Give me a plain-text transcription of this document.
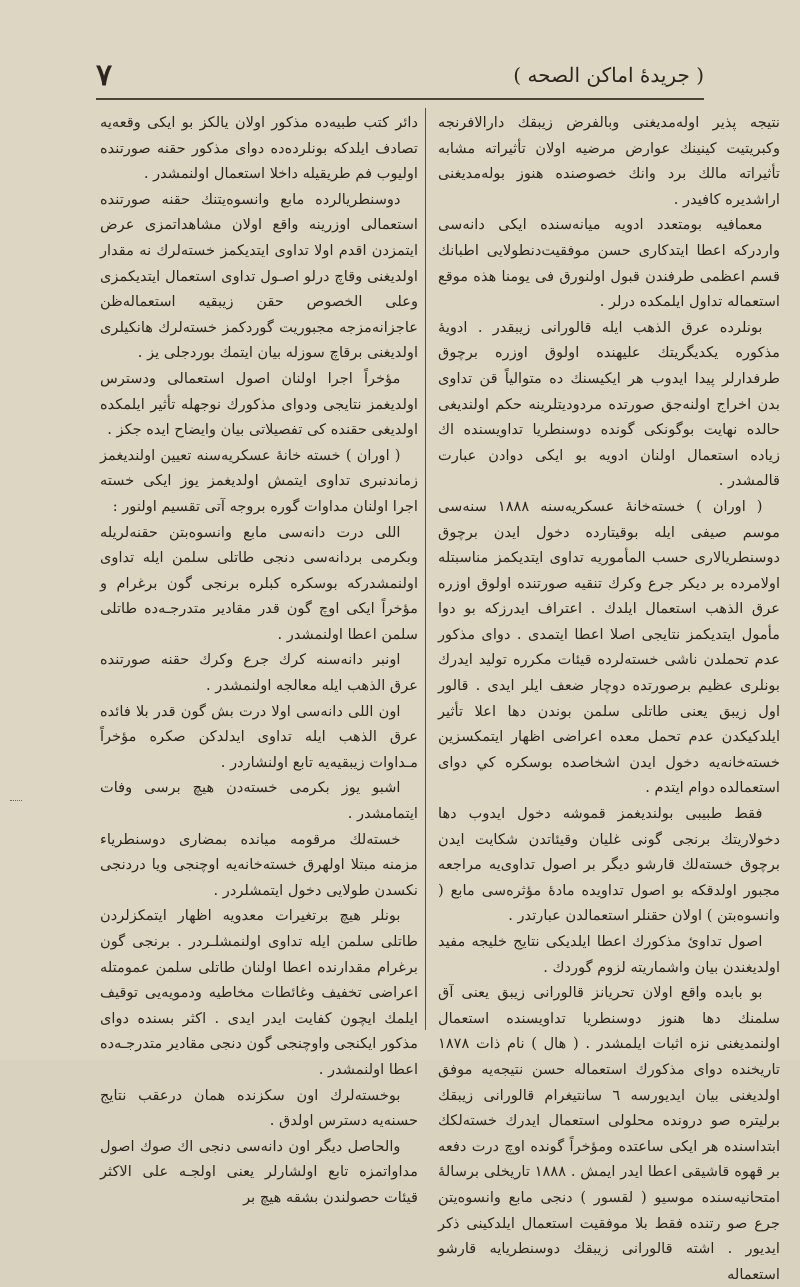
٧	( جريدهٔ اماكن الصحه )

نتيجه پذير اوله‌مديغنى وبالفرض زيبقك داراﻻفرنجه وكبريتيت كينينك عوارض مرضيه اولان تأثيراته مشابه تأثيراته مالك برد وانك خصوصنده هنوز بوله‌مديغنى اراشديره كافيدر .

معمافيه بومتعدد ادويه ميانه‌سنده ايكى دانه‌سى واردركه اعطا ايتدكارى حسن موفقيت‌دنطولايى اطبانك قسم اعظمى طرفندن قبول اولنورق فى يومنا هذه موقع استعماله تداول ايلمكده درلر .

بونلرده عرق الذهب ايله قالورانى زيبقدر . ادويهٔ مذكوره يكديگريتك عليهنده اولوق اوزره برچوق طرفدارلر پيدا ايدوب هر ايكيسنك ده متوالياً قن تداوى بدن اخراج اولنه‌جق صورتده مردوديتلرينه حكم اولنديغى حالده نهايت بوگونكى گونده دوسنطريا تداويسنده اك زياده استعمال اولنان ادويه بو ايكى دوادن عبارت قالمشدر .

( اوران ) خسته‌خانهٔ عسكريه‌سنه ١٨٨٨ سنه‌سى موسم صيفى ايله بوقيتارده دخول ايدن برچوق دوسنطريالارى حسب المأموريه تداوى ايتديكمز مناسبتله اولامرده بر ديكر جرع وكرك تنقيه صورتنده اولوق اوزره عرق الذهب استعمال ايلدك . اعتراف ايدرزكه بو دوا مأمول ايتديكمز نتايجى اصلا اعطا ايتمدى . دواى مذكور عدم تحملدن ناشى خسته‌لرده قيئات مكرره توليد ايدرك بونلرى عظيم برصورتده دوچار ضعف ايلر ايدى . قالور اول زيبق يعنى طاتلى سلمن بوندن دها اعلا تأثير ايلدكيكدن عدم تحمل معده اعراضى اظهار ايتمكسزين خسته‌خانه‌يه دخول ايدن اشخاصده بوسكره كي دواى استعمالده دوام ايتدم .

فقط طبيبى بولنديغمز قموشه دخول ايدوب دها دخولاريتك برنجى گونى غليان وقيئاتدن شكايت ايدن برچوق خسته‌لك قارشو ديگر بر اصول تداوى‌يه مراجعه مجبور اولدقكه بو اصول تداويده مادهٔ مؤثره‌سى مابع ( وانسوه‌بتن ) اولان حقنلر استعمالدن عبارتدر .

اصول تداوئ مذكورك اعطا ايلديكى نتايج خليجه مفيد اولديغندن بيان واشماريته لزوم گوردك .

بو بابده واقع اولان تحريانز قالورانى زيبق يعنى آق سلمنك دها هنوز دوسنطريا تداويسنده استعمال اولنمديغنى نزه اثبات ايلمشدر . ( هال ) نام ذات ١٨٧٨ تاريخنده دواى مذكورك استعماله حسن نتيجه‌يه موفق اولديغنى بيان ايديورسه ٦ سانتيغرام قالورانى زيبقك برليتره صو درونده محلولى استعمال ايدرك خسته‌لكك ابتداسنده هر ايكى ساعتده ومؤخراً گونده اوچ درت دفعه بر قهوه قاشيقى اعطا ايدر ايمش . ١٨٨٨ تاريخلى برسالهٔ امتحانيه‌سنده موسيو ( لقسور ) دنجى مابع وانسوه‌يتن جرع صو رتنده فقط بلا موفقيت استعمال ايلدكينى ذكر ايديور . اشته قالورانى زيبقك دوسنطريايه قارشو استعماله

دائر كتب طبيه‌ده مذكور اولان يالكز بو ايكى وقعه‌يه تصادف ايلدكه بونلرده‌ده دواى مذكور حقنه صورتنده اوليوب فم طريقيله داخلا استعمال اولنمشدر .

دوسنطريالرده مابع وانسوه‌يتنك حقنه صورتنده استعمالى اوزرينه واقع اولان مشاهداتمزى عرض ايتمزدن اقدم اولا تداوى ايتديكمز خسته‌لرك نه مقدار اولديغنى وقاچ درلو اصـول تداوى استعمال ايتديكمزى وعلى الخصوص حقن زيبقيه استعماله‌ظن عاجزانه‌مزجه مجبوريت گوردكمز خسته‌لرك هانكيلرى اولديغنى برقاچ سوزله بيان ايتمك بوردجلى يز .

مؤخراً اجرا اولنان اصول استعمالى ودسترس اولديغمز نتايجى ودواى مذكورك نوجهله تأثير ايلمكده اولديغى حقنده كى تفصيلاتى بيان وايضاح ايده جكز .

( اوران ) خسته خانهٔ عسكريه‌سنه تعيين اولنديغمز زماندنبرى تداوى ايتمش اولديغمز يوز ايكى خسته اجرا اولنان مداوات گوره بروجه آتى تقسيم اولنور :

اللى درت دانه‌سى مابع وانسوه‌بتن حقنه‌لريله وبكرمى بردانه‌سى دنجى طاتلى سلمن ايله تداوى اولنمشدركه بوسكره كبلره برنجى گون برغرام و مؤخراً ايكى اوچ گون قدر مقادير متدرجـه‌ده طاتلى سلمن اعطا اولنمشدر .

اونبر دانه‌سنه كرك جرع وكرك حقنه صورتنده عرق الذهب ايله معالجه اولنمشدر .

اون اللى دانه‌سى اولا درت بش گون قدر بلا فائده عرق الذهب ايله تداوى ايدلدكن صكره مؤخراً مـداوات زيبقيه‌يه تابع اولنشاردر .

اشبو يوز بكرمى خسته‌دن هيچ برسى وفات ايتمامشدر .

خسته‌لك مرقومه ميانده بمضارى دوسنطرياء مزمنه مبتلا اولهرق خسته‌خانه‌يه اوچنجى ويا دردنجى نكسدن طولايى دخول ايتمشلردر .

بونلر هيچ برتغيرات معدويه اظهار ايتمكزلردن طاتلى سلمن ايله تداوى اولنمشلـردر . برنجى گون برغرام مقدارنده اعطا اولنان طاتلى سلمن عمومتله اعراضى تخفيف وغائطات مخاطيه ودمويه‌يى توقيف ايلمك ايچون كفايت ايدر ايدى . اكثر بسنده دواى مذكور ايكنجى واوچنجى گون دنجى مقادير متدرجـه‌ده اعطا اولنمشدر .

بوخسته‌لرك اون سكزنده همان درعقب نتايج حسنه‌يه دسترس اولدق .

والحاصل ديگر اون دانه‌سى دنجى اك صوك اصول مداواتمزه تابع اولشارلر يعنى اولجـه على الاكثر قيئات حصولندن بشقه هيچ بر
